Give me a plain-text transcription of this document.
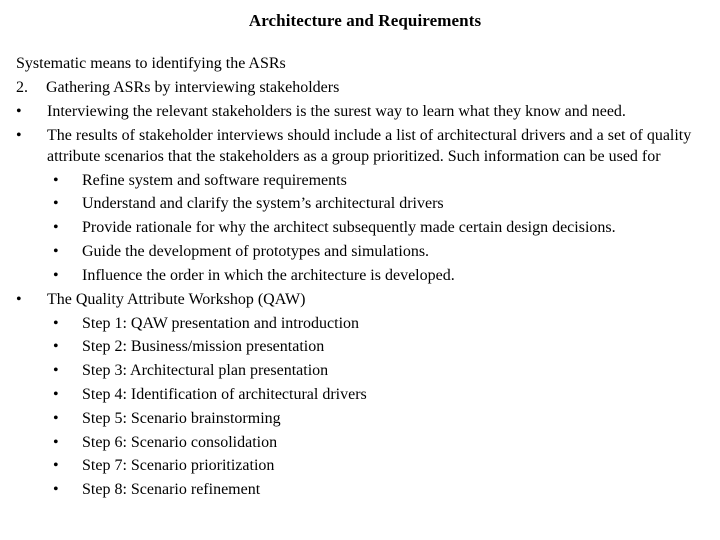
Architecture and Requirements
Systematic means to identifying the ASRs
2. Gathering ASRs by interviewing stakeholders
•	Interviewing the relevant stakeholders is the surest way to learn what they know and need.
•	The results of stakeholder interviews should include a list of architectural drivers and a set of quality attribute scenarios that the stakeholders as a group prioritized. Such information can be used for
• Refine system and software requirements
• Understand and clarify the system’s architectural drivers
• Provide rationale for why the architect subsequently made certain design decisions.
• Guide the development of prototypes and simulations.
• Influence the order in which the architecture is developed.
•	The Quality Attribute Workshop (QAW)
• Step 1: QAW presentation and introduction
• Step 2: Business/mission presentation
• Step 3: Architectural plan presentation
• Step 4: Identification of architectural drivers
• Step 5: Scenario brainstorming
• Step 6: Scenario consolidation
• Step 7: Scenario prioritization
• Step 8: Scenario refinement
